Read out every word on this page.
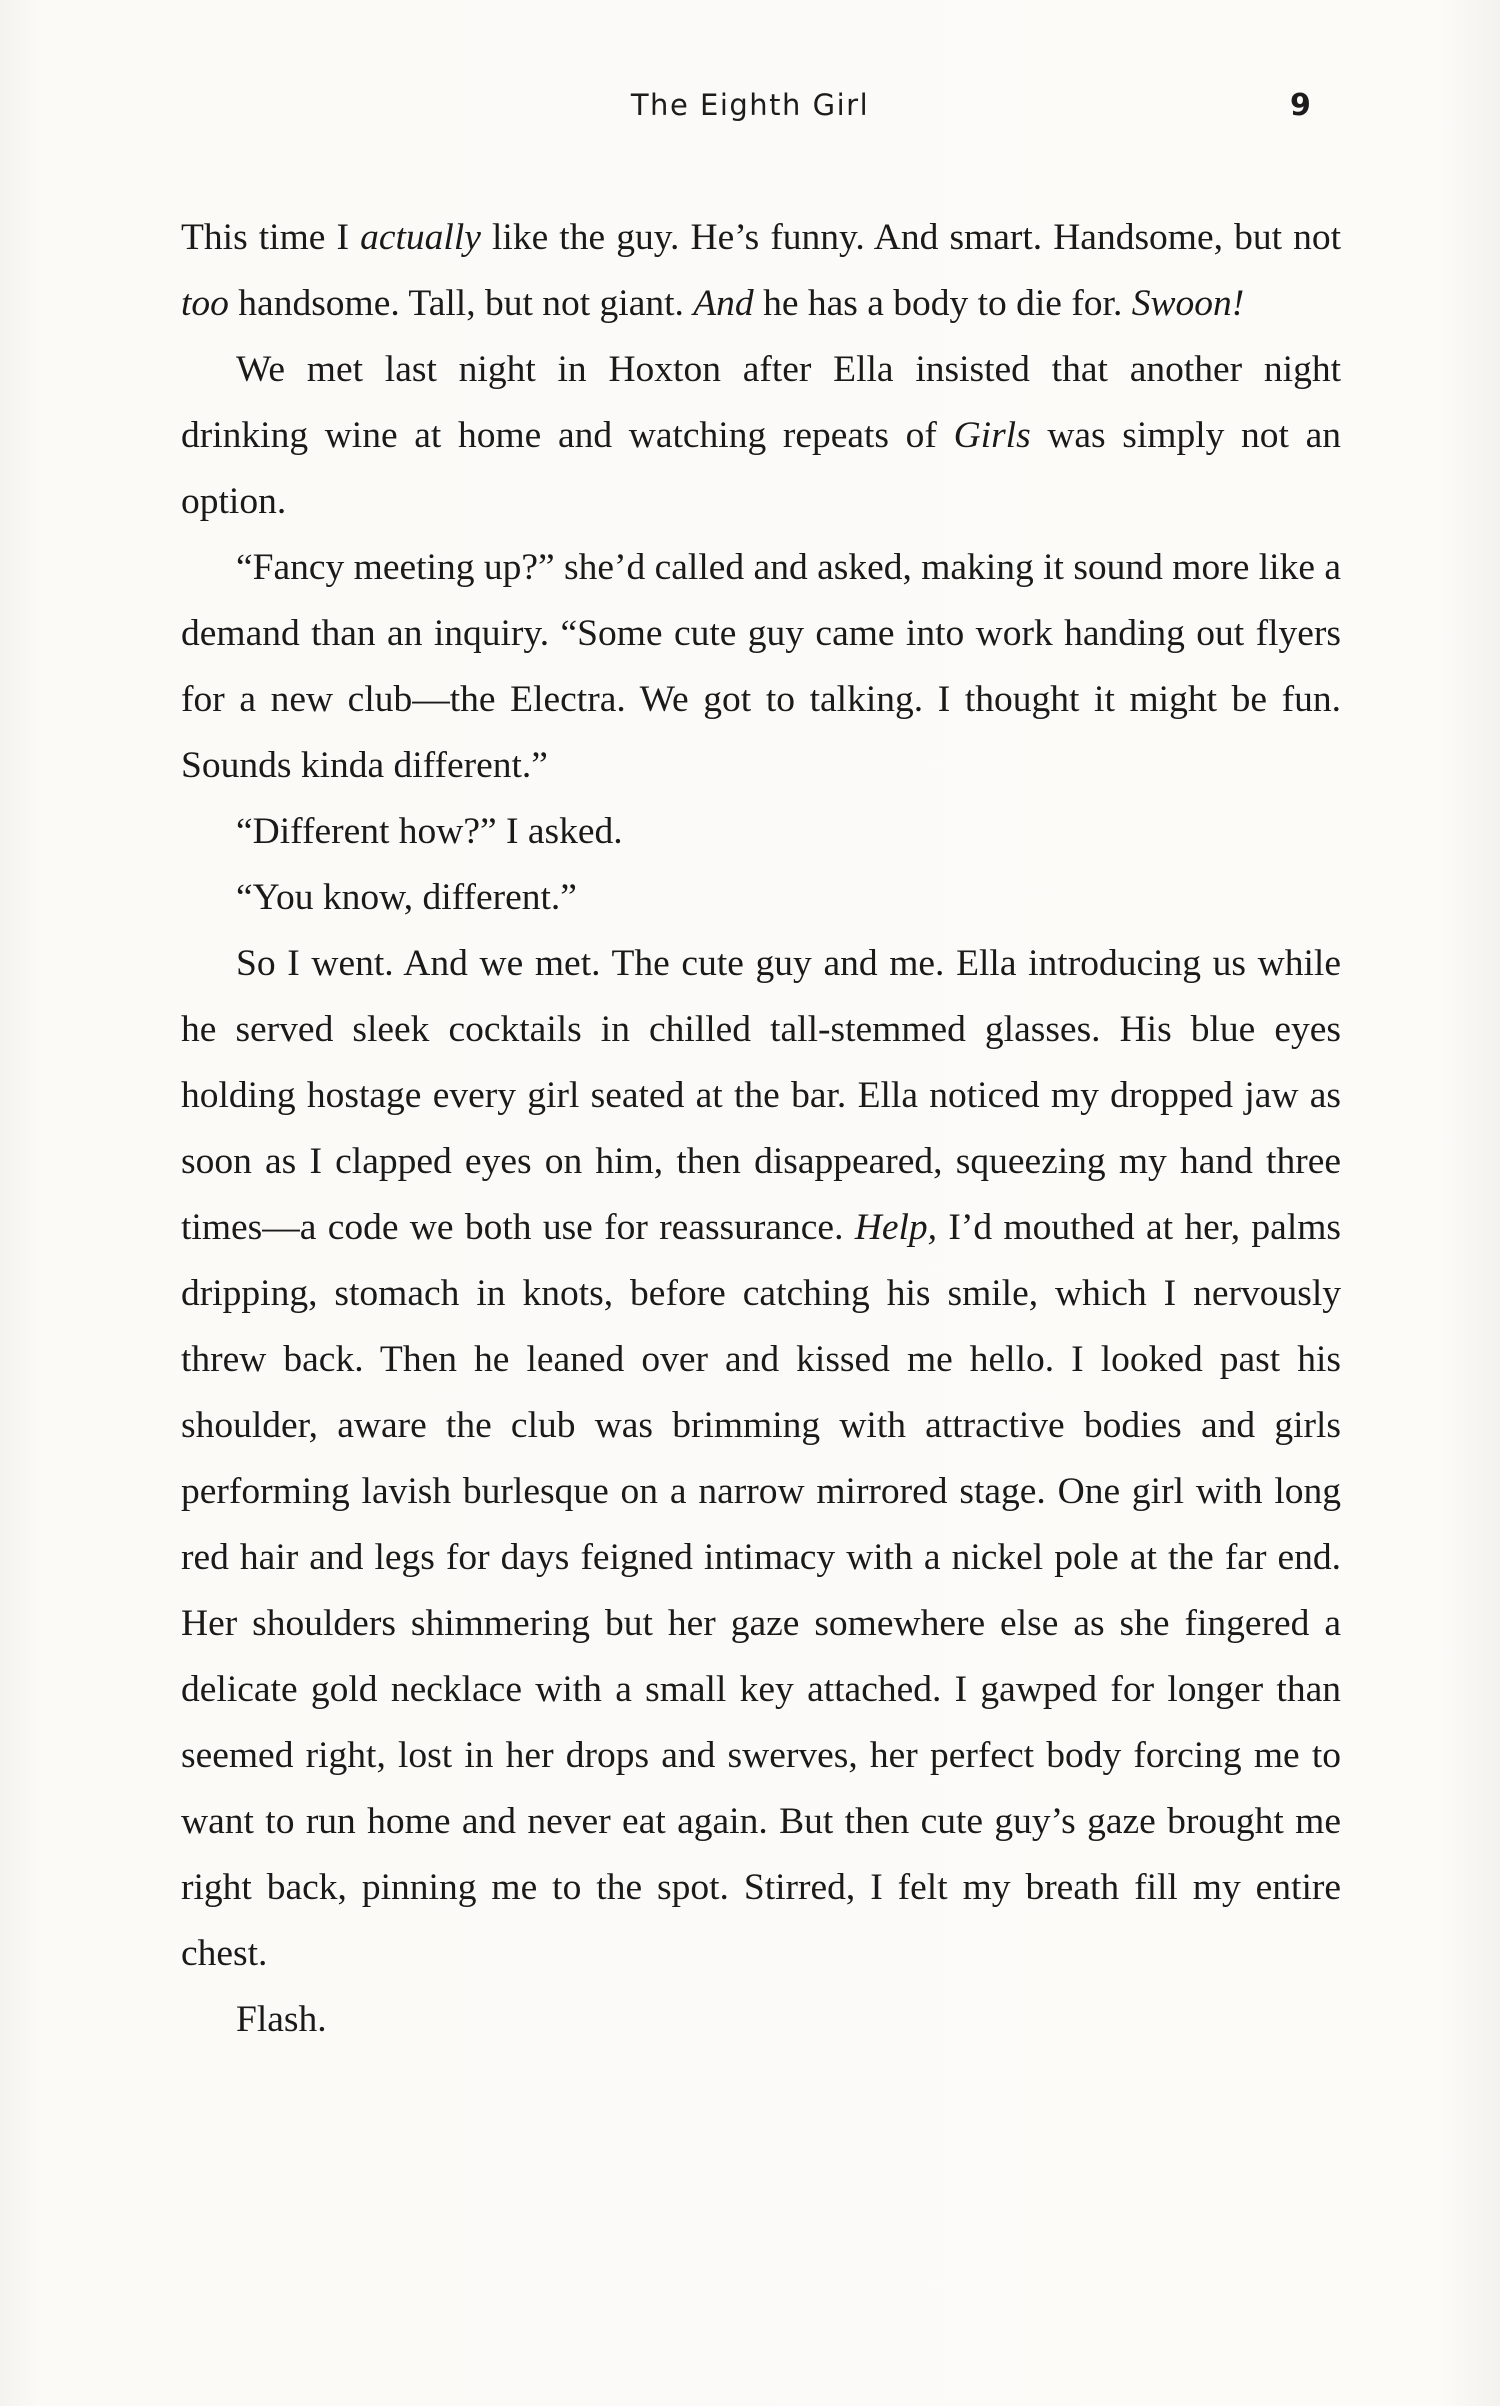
The Eighth Girl	9

This time I actually like the guy. He’s funny. And smart. Handsome, but not too handsome. Tall, but not giant. And he has a body to die for. Swoon!

We met last night in Hoxton after Ella insisted that another night drinking wine at home and watching repeats of Girls was simply not an option.

“Fancy meeting up?” she’d called and asked, making it sound more like a demand than an inquiry. “Some cute guy came into work handing out flyers for a new club—the Electra. We got to talking. I thought it might be fun. Sounds kinda different.”

“Different how?” I asked.

“You know, different.”

So I went. And we met. The cute guy and me. Ella introducing us while he served sleek cocktails in chilled tall-stemmed glasses. His blue eyes holding hostage every girl seated at the bar. Ella noticed my dropped jaw as soon as I clapped eyes on him, then disappeared, squeezing my hand three times—a code we both use for reassurance. Help, I’d mouthed at her, palms dripping, stomach in knots, before catching his smile, which I nervously threw back. Then he leaned over and kissed me hello. I looked past his shoulder, aware the club was brimming with attractive bodies and girls performing lavish burlesque on a narrow mirrored stage. One girl with long red hair and legs for days feigned intimacy with a nickel pole at the far end. Her shoulders shimmering but her gaze somewhere else as she fingered a delicate gold necklace with a small key attached. I gawped for longer than seemed right, lost in her drops and swerves, her perfect body forcing me to want to run home and never eat again. But then cute guy’s gaze brought me right back, pinning me to the spot. Stirred, I felt my breath fill my entire chest.

Flash.
